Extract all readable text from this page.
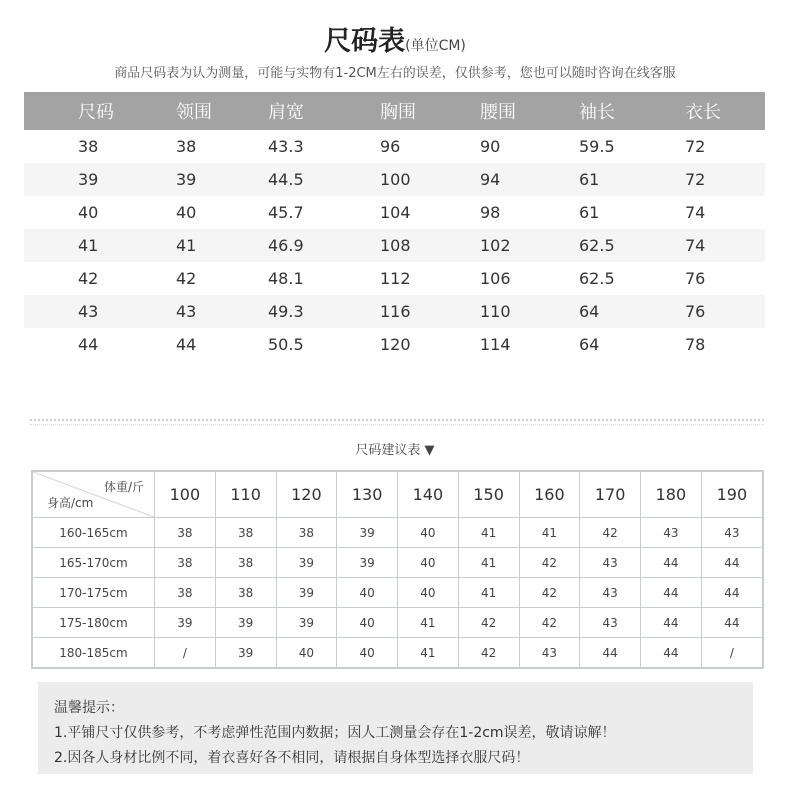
尺码表(单位CM)
商品尺码表为认为测量，可能与实物有1-2CM左右的误差，仅供参考，您也可以随时咨询在线客服
尺码	领围	肩宽	胸围	腰围	袖长	衣长
38	38	43.3	96	90	59.5	72
39	39	44.5	100	94	61	72
40	40	45.7	104	98	61	74
41	41	46.9	108	102	62.5	74
42	42	48.1	112	106	62.5	76
43	43	49.3	116	110	64	76
44	44	50.5	120	114	64	78
尺码建议表 ▼
体重/斤
身高/cm	100	110	120	130	140	150	160	170	180	190
160-165cm	38	38	38	39	40	41	41	42	43	43
165-170cm	38	38	39	39	40	41	42	43	44	44
170-175cm	38	38	39	40	40	41	42	43	44	44
175-180cm	39	39	39	40	41	42	42	43	44	44
180-185cm	/	39	40	40	41	42	43	44	44	/
温馨提示：
1.平铺尺寸仅供参考，不考虑弹性范围内数据；因人工测量会存在1-2cm误差，敬请谅解！
2.因各人身材比例不同，着衣喜好各不相同，请根据自身体型选择衣服尺码！
